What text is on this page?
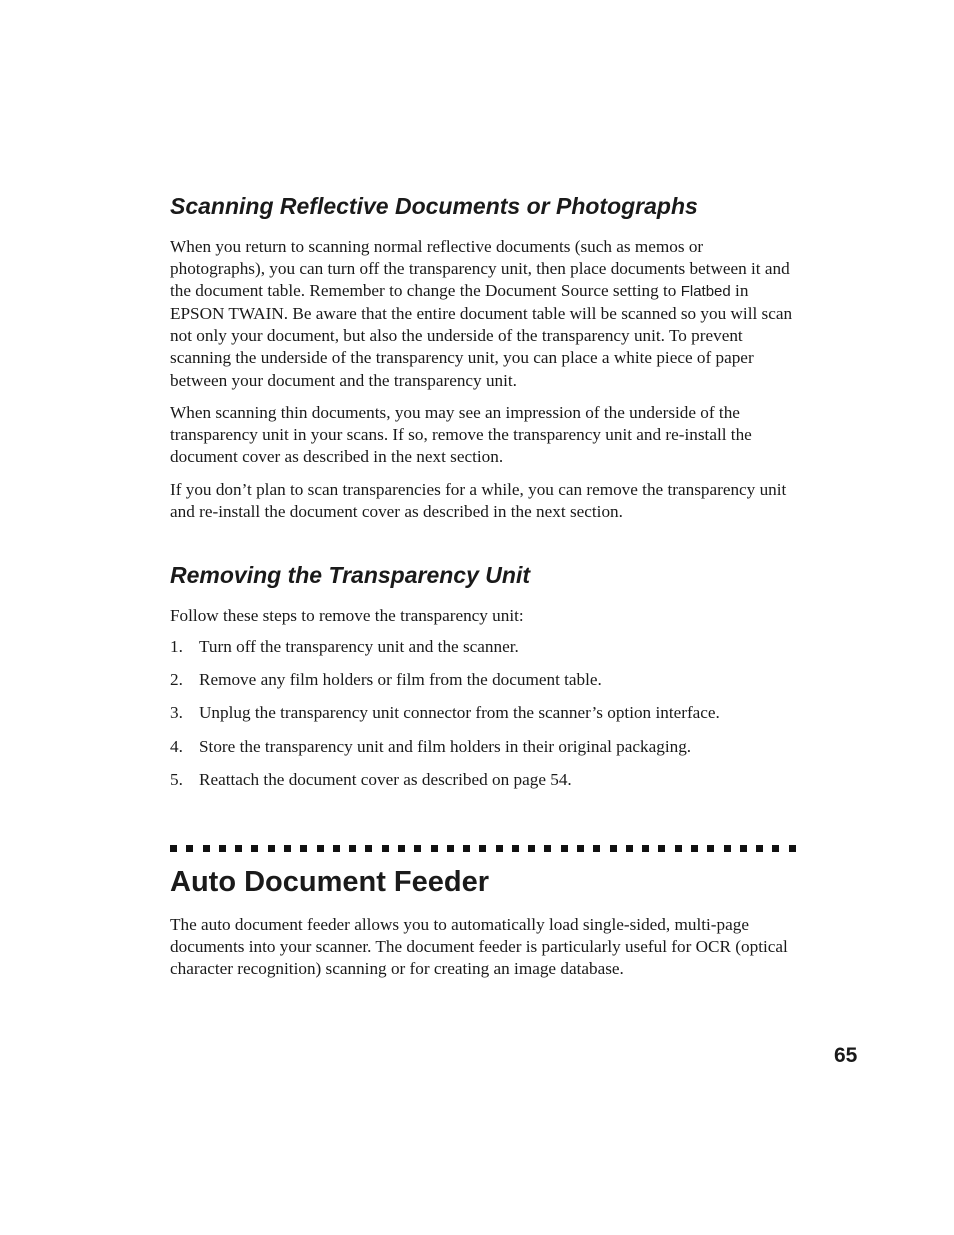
Scanning Reflective Documents or Photographs

When you return to scanning normal reflective documents (such as memos or photographs), you can turn off the transparency unit, then place documents between it and the document table. Remember to change the Document Source setting to Flatbed in EPSON TWAIN. Be aware that the entire document table will be scanned so you will scan not only your document, but also the underside of the transparency unit. To prevent scanning the underside of the transparency unit, you can place a white piece of paper between your document and the transparency unit.

When scanning thin documents, you may see an impression of the underside of the transparency unit in your scans. If so, remove the transparency unit and re-install the document cover as described in the next section.

If you don’t plan to scan transparencies for a while, you can remove the transparency unit and re-install the document cover as described in the next section.

Removing the Transparency Unit

Follow these steps to remove the transparency unit:

1. Turn off the transparency unit and the scanner.
2. Remove any film holders or film from the document table.
3. Unplug the transparency unit connector from the scanner’s option interface.
4. Store the transparency unit and film holders in their original packaging.
5. Reattach the document cover as described on page 54.
Auto Document Feeder

The auto document feeder allows you to automatically load single-sided, multi-page documents into your scanner. The document feeder is particularly useful for OCR (optical character recognition) scanning or for creating an image database.

65
